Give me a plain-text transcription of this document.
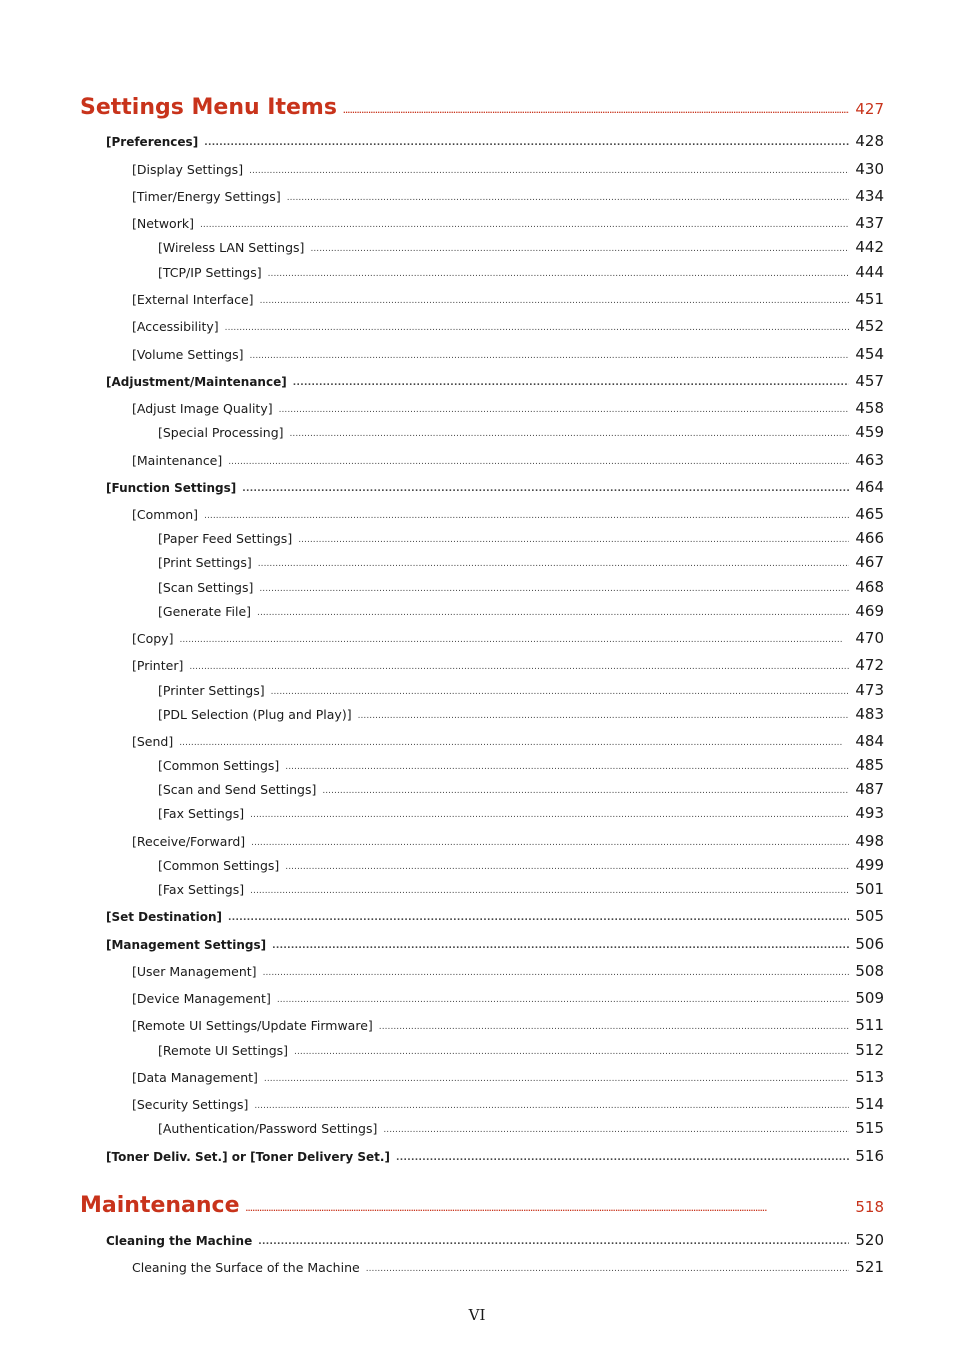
Settings Menu Items . . .	427
[Preferences] . . .	428
[Display Settings] . . .	430
[Timer/Energy Settings] . . .	434
[Network] . . .	437
[Wireless LAN Settings] . . .	442
[TCP/IP Settings] . . .	444
[External Interface] . . .	451
[Accessibility] . . .	452
[Volume Settings] . . .	454
[Adjustment/Maintenance] . . .	457
[Adjust Image Quality] . . .	458
[Special Processing] . . .	459
[Maintenance] . . .	463
[Function Settings] . . .	464
[Common] . . .	465
[Paper Feed Settings] . . .	466
[Print Settings] . . .	467
[Scan Settings] . . .	468
[Generate File] . . .	469
[Copy] . . .	470
[Printer] . . .	472
[Printer Settings] . . .	473
[PDL Selection (Plug and Play)] . . .	483
[Send] . . .	484
[Common Settings] . . .	485
[Scan and Send Settings] . . .	487
[Fax Settings] . . .	493
[Receive/Forward] . . .	498
[Common Settings] . . .	499
[Fax Settings] . . .	501
[Set Destination] . . .	505
[Management Settings] . . .	506
[User Management] . . .	508
[Device Management] . . .	509
[Remote UI Settings/Update Firmware] . . .	511
[Remote UI Settings] . . .	512
[Data Management] . . .	513
[Security Settings] . . .	514
[Authentication/Password Settings] . . .	515
[Toner Deliv. Set.] or [Toner Delivery Set.] . . .	516
Maintenance . . .	518
Cleaning the Machine . . .	520
Cleaning the Surface of the Machine . . .	521
VI
